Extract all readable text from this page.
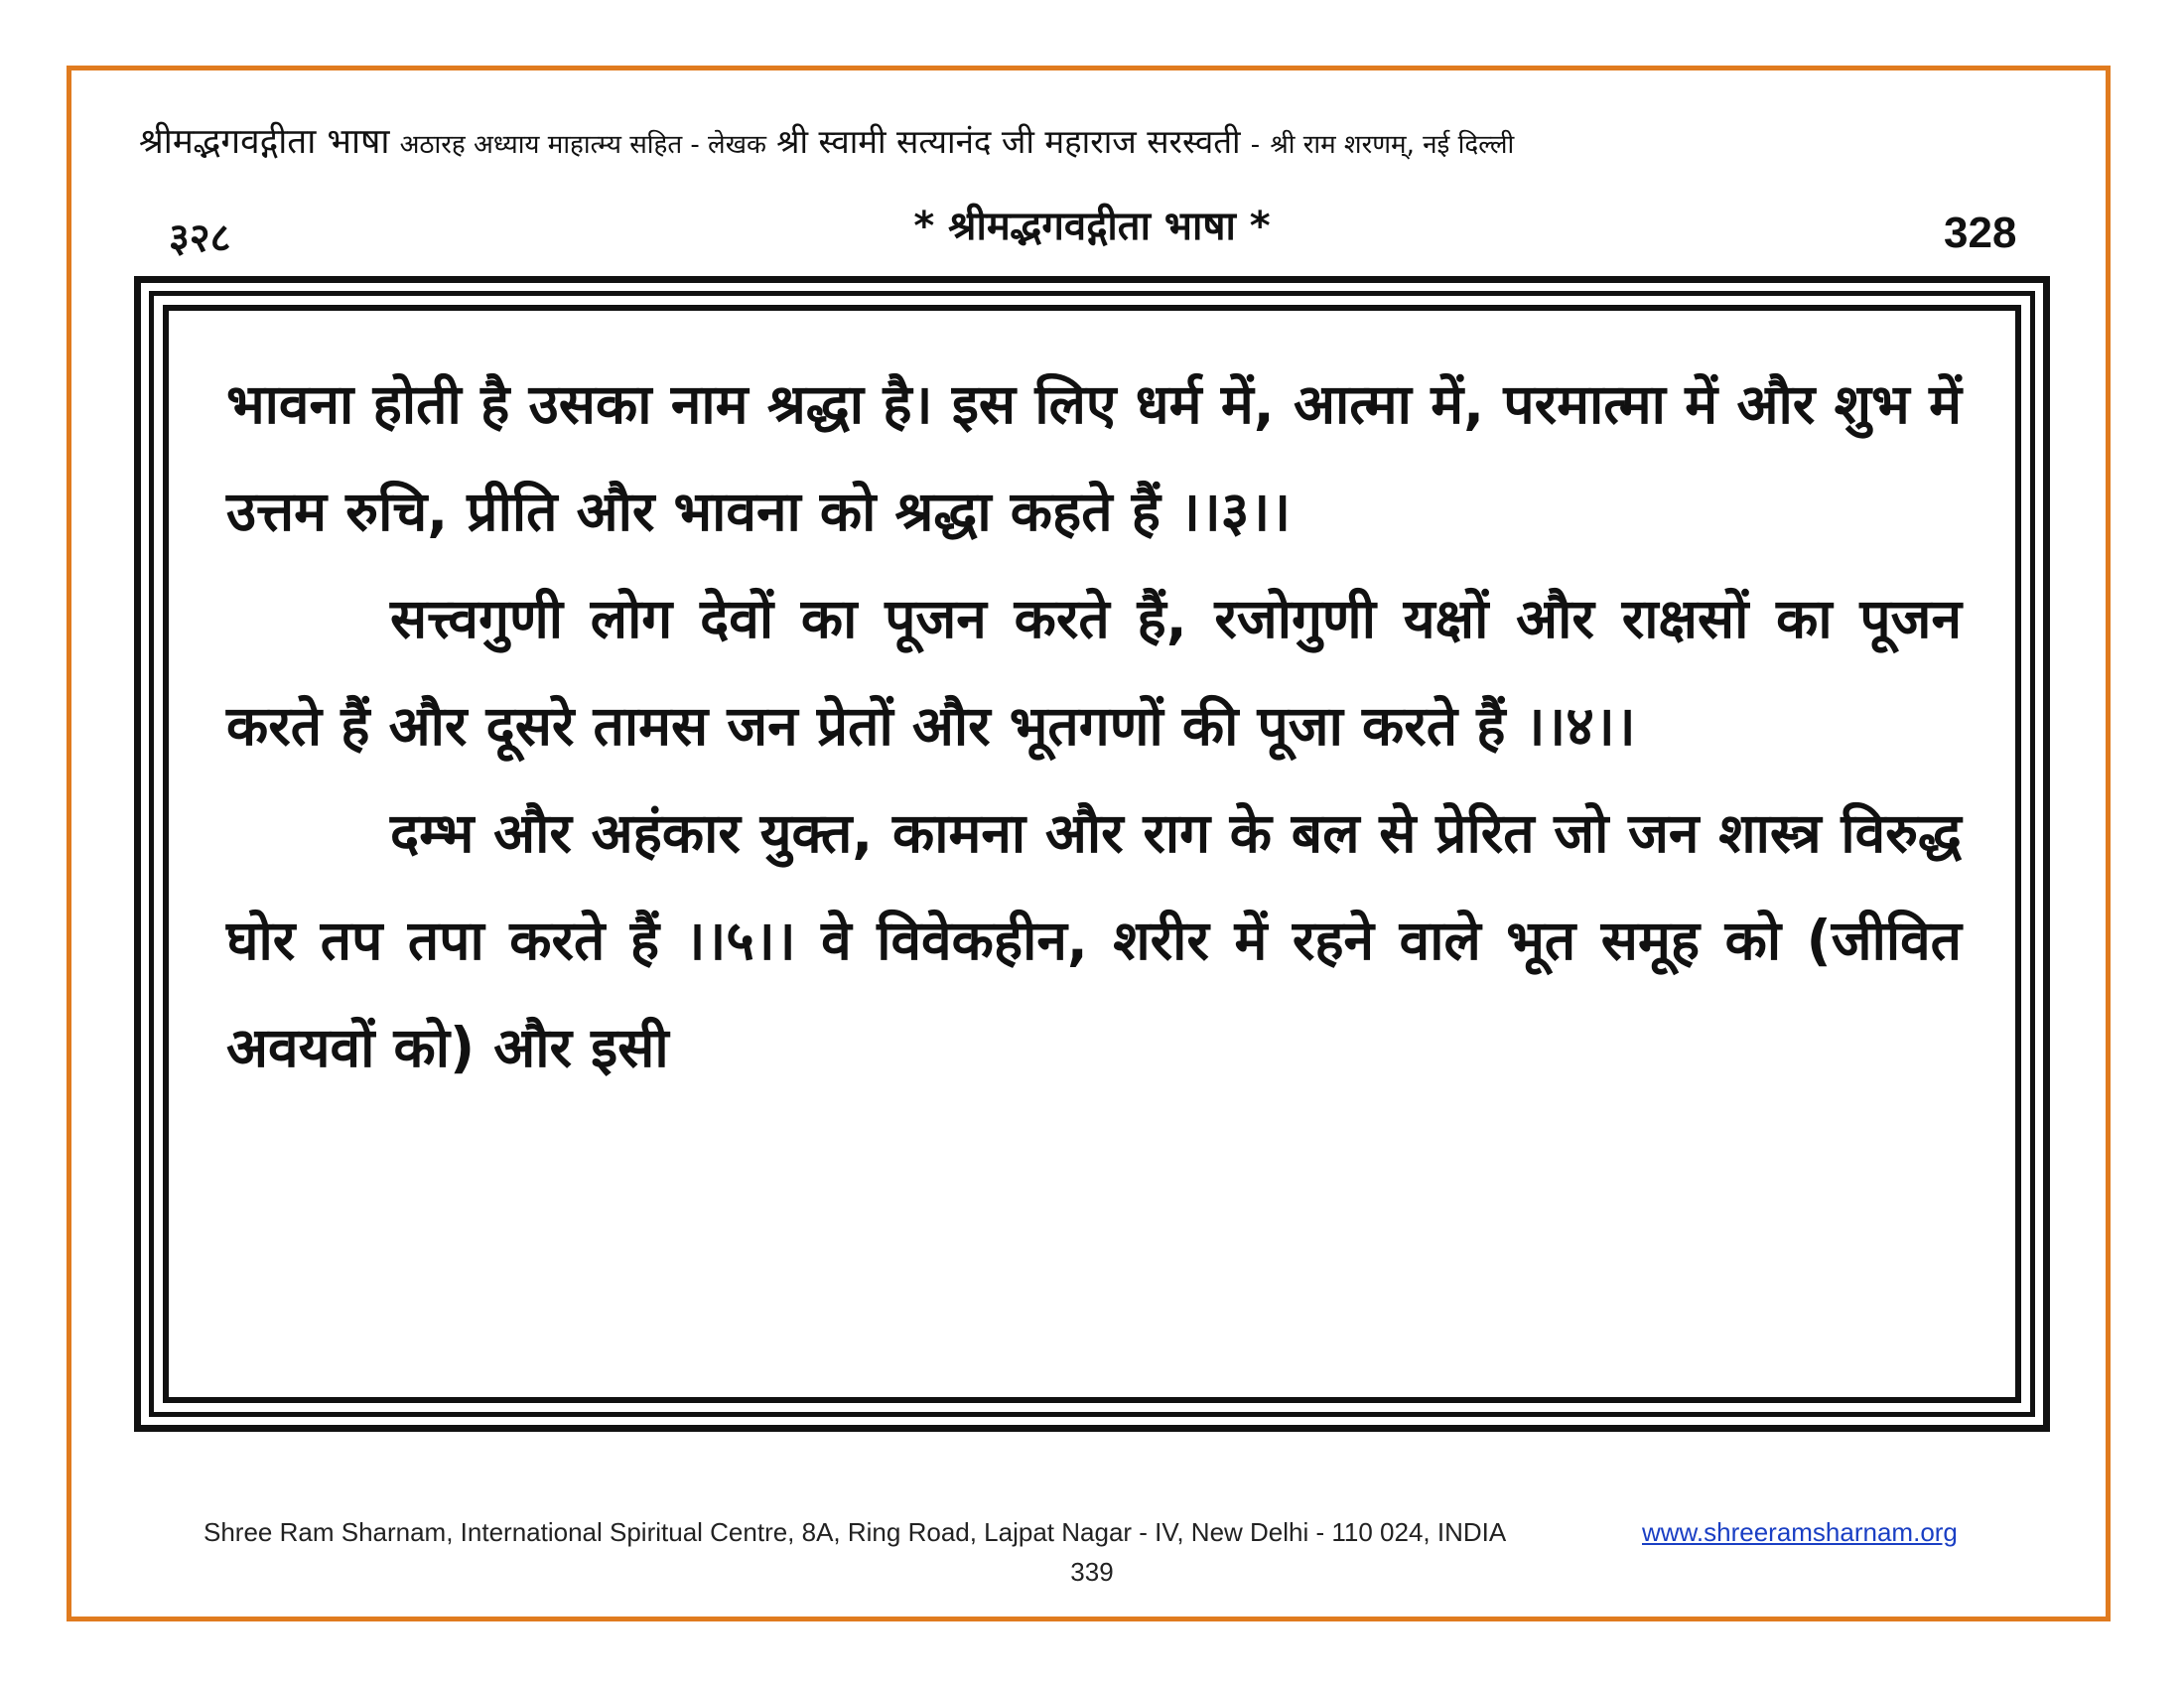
श्रीमद्भगवद्गीता भाषा अठारह अध्याय माहात्म्य सहित - लेखक श्री स्वामी सत्यानंद जी महाराज सरस्वती - श्री राम शरणम्, नई दिल्ली
३२८	* श्रीमद्भगवद्गीता भाषा *	328

भावना होती है उसका नाम श्रद्धा है। इस लिए धर्म में, आत्मा में, परमात्मा में और शुभ में उत्तम रुचि, प्रीति और भावना को श्रद्धा कहते हैं ।।३।।

सत्त्वगुणी लोग देवों का पूजन करते हैं, रजोगुणी यक्षों और राक्षसों का पूजन करते हैं और दूसरे तामस जन प्रेतों और भूतगणों की पूजा करते हैं ।।४।।

दम्भ और अहंकार युक्त, कामना और राग के बल से प्रेरित जो जन शास्त्र विरुद्ध घोर तप तपा करते हैं ।।५।। वे विवेकहीन, शरीर में रहने वाले भूत समूह को (जीवित अवयवों को) और इसी

Shree Ram Sharnam, International Spiritual Centre, 8A, Ring Road, Lajpat Nagar - IV, New Delhi - 110 024, INDIA	www.shreeramsharnam.org
339
